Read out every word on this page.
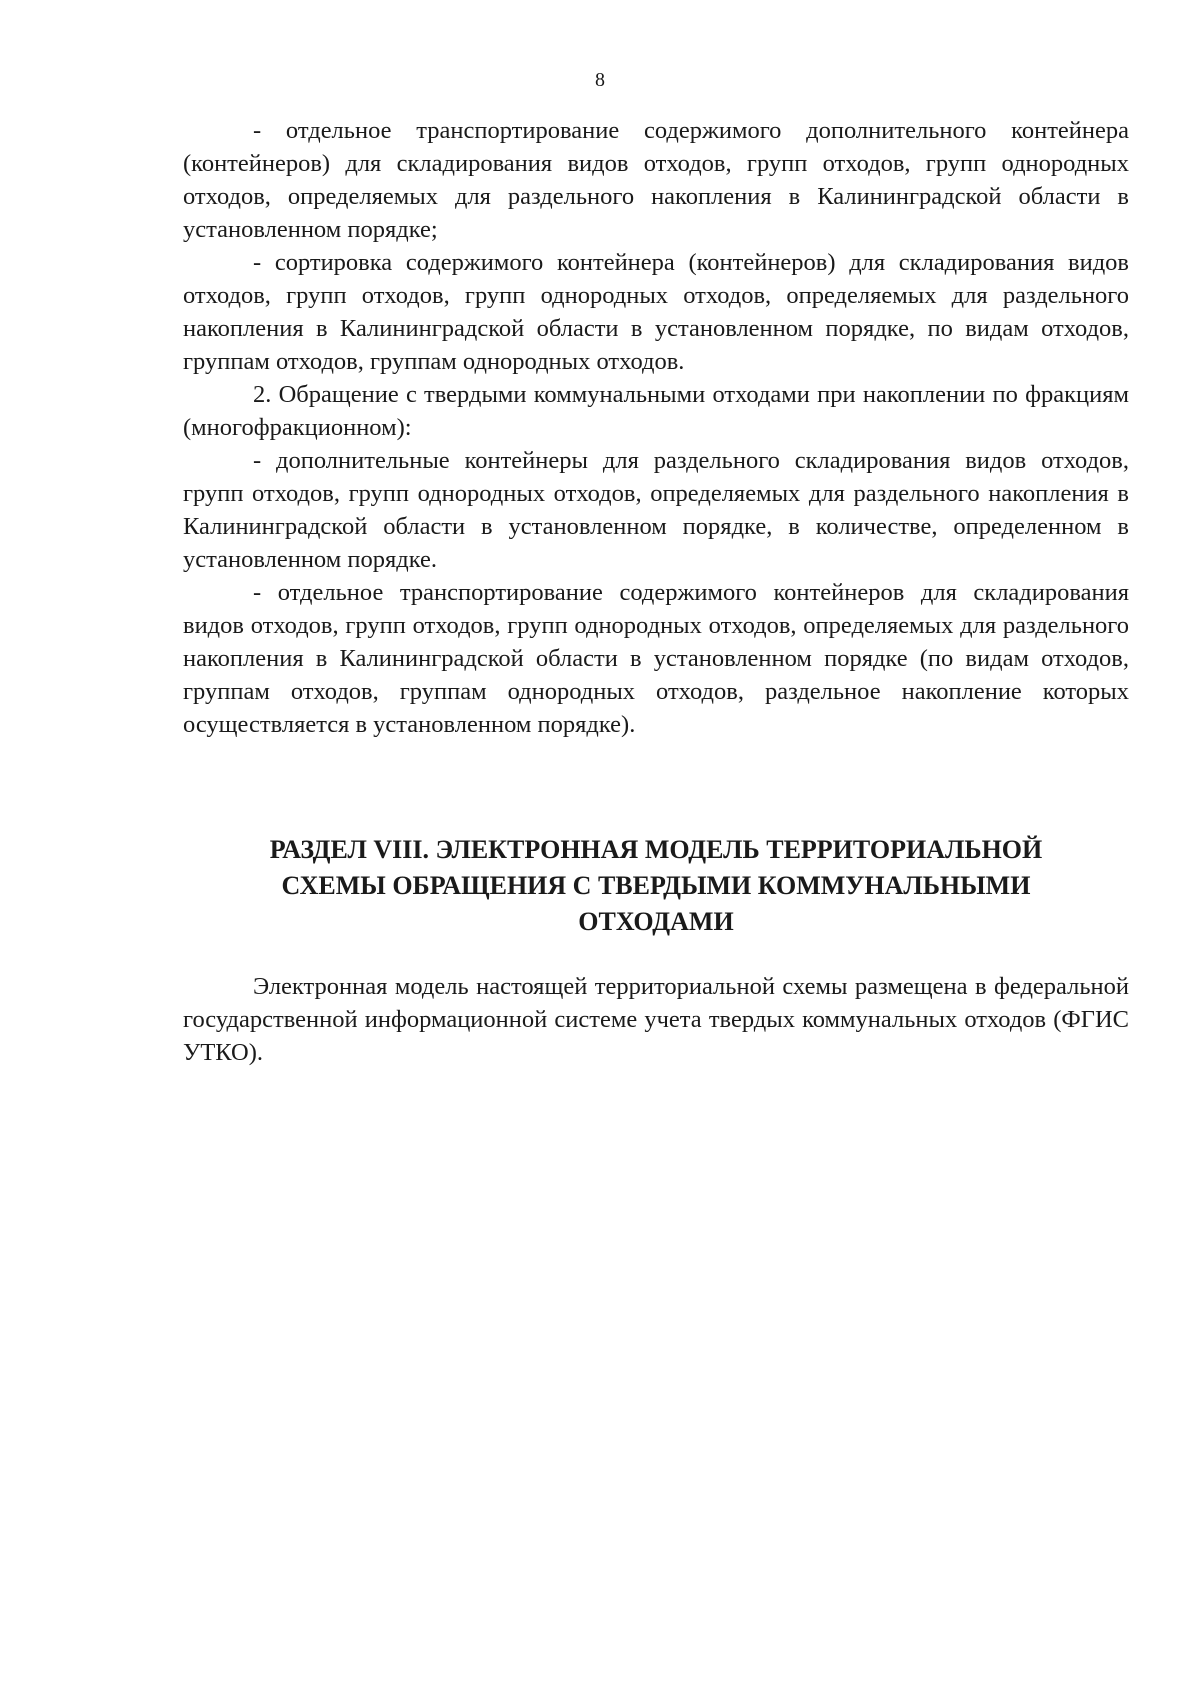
8

- отдельное транспортирование содержимого дополнительного контейнера (контейнеров) для складирования видов отходов, групп отходов, групп однородных отходов, определяемых для раздельного накопления в Калининградской области в установленном порядке;

- сортировка содержимого контейнера (контейнеров) для складирования видов отходов, групп отходов, групп однородных отходов, определяемых для раздельного накопления в Калининградской области в установленном порядке, по видам отходов, группам отходов, группам однородных отходов.

2. Обращение с твердыми коммунальными отходами при накоплении по фракциям (многофракционном):

- дополнительные контейнеры для раздельного складирования видов отходов, групп отходов, групп однородных отходов, определяемых для раздельного накопления в Калининградской области в установленном порядке, в количестве, определенном в установленном порядке.

- отдельное транспортирование содержимого контейнеров для складирования видов отходов, групп отходов, групп однородных отходов, определяемых для раздельного накопления в Калининградской области в установленном порядке (по видам отходов, группам отходов, группам однородных отходов, раздельное накопление которых осуществляется в установленном порядке).

РАЗДЕЛ VIII. ЭЛЕКТРОННАЯ МОДЕЛЬ ТЕРРИТОРИАЛЬНОЙ
СХЕМЫ ОБРАЩЕНИЯ С ТВЕРДЫМИ КОММУНАЛЬНЫМИ
ОТХОДАМИ

Электронная модель настоящей территориальной схемы размещена в федеральной государственной информационной системе учета твердых коммунальных отходов (ФГИС УТКО).
